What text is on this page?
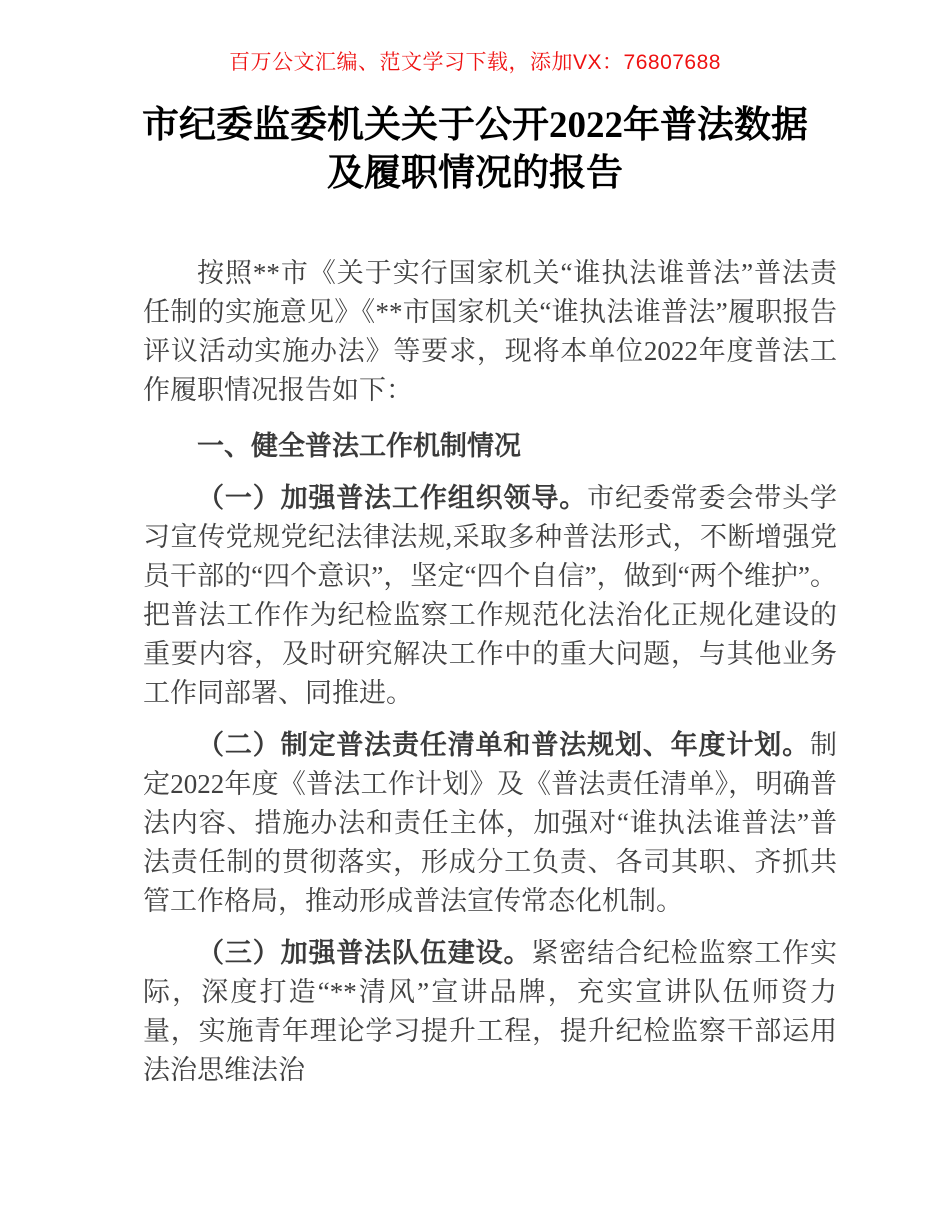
百万公文汇编、范文学习下载，添加VX：76807688
市纪委监委机关关于公开2022年普法数据及履职情况的报告

按照**市《关于实行国家机关“谁执法谁普法”普法责任制的实施意见》《**市国家机关“谁执法谁普法”履职报告评议活动实施办法》等要求，现将本单位2022年度普法工作履职情况报告如下：

一、健全普法工作机制情况

（一）加强普法工作组织领导。市纪委常委会带头学习宣传党规党纪法律法规,采取多种普法形式，不断增强党员干部的“四个意识”，坚定“四个自信”，做到“两个维护”。把普法工作作为纪检监察工作规范化法治化正规化建设的重要内容，及时研究解决工作中的重大问题，与其他业务工作同部署、同推进。

（二）制定普法责任清单和普法规划、年度计划。制定2022年度《普法工作计划》及《普法责任清单》，明确普法内容、措施办法和责任主体，加强对“谁执法谁普法”普法责任制的贯彻落实，形成分工负责、各司其职、齐抓共管工作格局，推动形成普法宣传常态化机制。

（三）加强普法队伍建设。紧密结合纪检监察工作实际，深度打造“**清风”宣讲品牌，充实宣讲队伍师资力量，实施青年理论学习提升工程，提升纪检监察干部运用法治思维法治
